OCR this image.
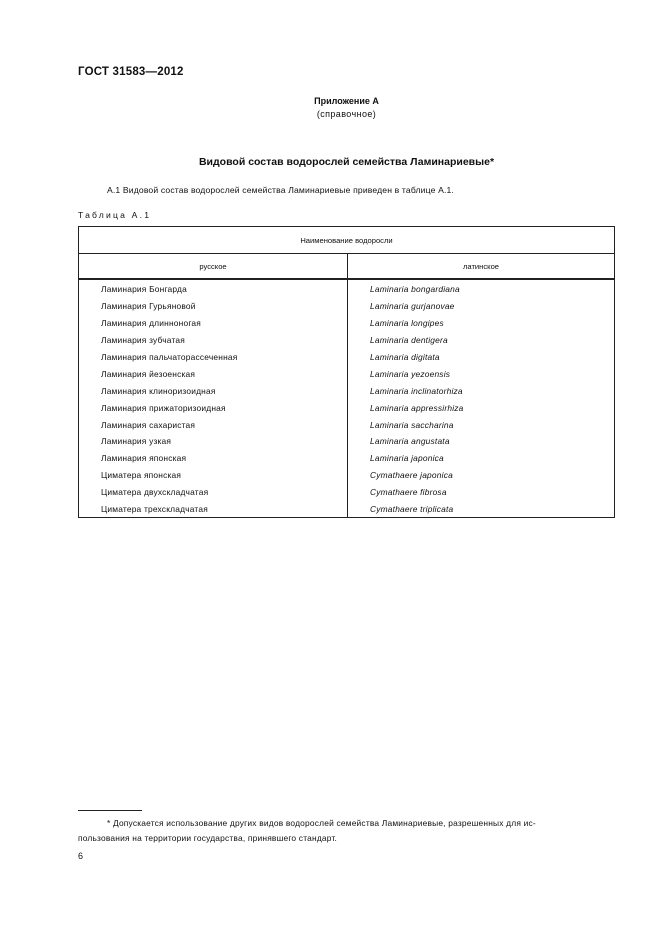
ГОСТ 31583—2012
Приложение А
(справочное)
Видовой состав водорослей семейства Ламинариевые*
А.1 Видовой состав водорослей семейства Ламинариевые приведен в таблице А.1.
Таблица А.1
Наименование водоросли	
русское	латинское
Ламинария Бонгарда	Laminaria bongardiana
Ламинария Гурьяновой	Laminaria gurjanovae
Ламинария длинноногая	Laminaria longipes
Ламинария зубчатая	Laminaria dentigera
Ламинария пальчаторассеченная	Laminaria digitata
Ламинария йезоенская	Laminaria yezoensis
Ламинария клиноризоидная	Laminaria inclinatorhiza
Ламинария прижаторизоидная	Laminaria appressirhiza
Ламинария сахаристая	Laminaria saccharina
Ламинария узкая	Laminaria angustata
Ламинария японская	Laminaria japonica
Циматера японская	Cymathaere japonica
Циматера двухскладчатая	Cymathaere fibrosa
Циматера трехскладчатая	Cymathaere triplicata
* Допускается использование других видов водорослей семейства Ламинариевые, разрешенных для ис-
пользования на территории государства, принявшего стандарт.
6
